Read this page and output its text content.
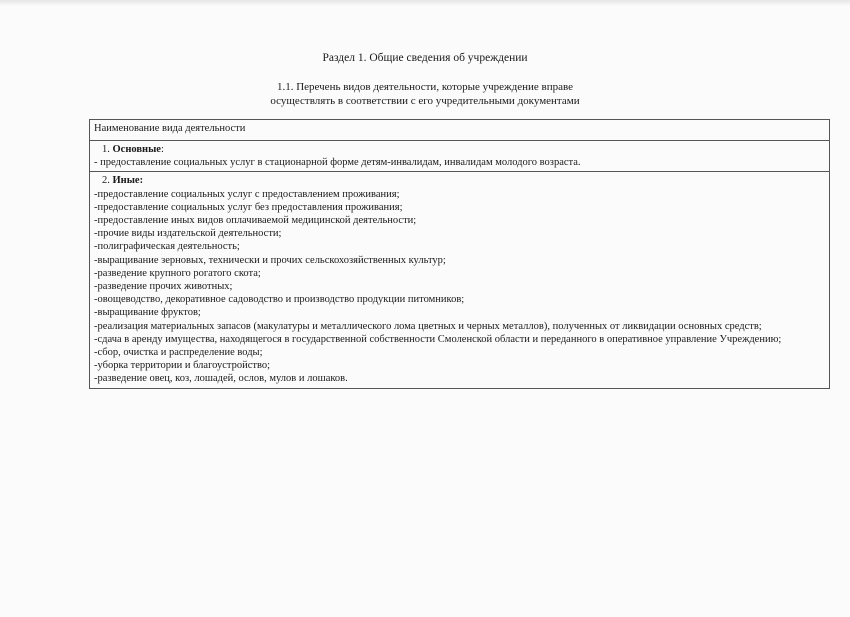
Раздел 1. Общие сведения об учреждении
1.1. Перечень видов деятельности, которые учреждение вправе
осуществлять в соответствии с его учредительными документами
Наименование вида деятельности

1. Основные:
- предоставление социальных услуг в стационарной форме детям-инвалидам, инвалидам молодого возраста.

2. Иные:
-предоставление социальных услуг с предоставлением проживания;
-предоставление социальных услуг без предоставления проживания;
-предоставление иных видов оплачиваемой медицинской деятельности;
-прочие виды издательской деятельности;
-полиграфическая деятельность;
-выращивание зерновых, технически и прочих сельскохозяйственных культур;
-разведение крупного рогатого скота;
-разведение прочих животных;
-овощеводство, декоративное садоводство и производство продукции питомников;
-выращивание фруктов;
-реализация материальных запасов (макулатуры и металлического лома цветных и черных металлов), полученных от ликвидации основных средств;
-сдача в аренду имущества, находящегося в государственной собственности Смоленской области и переданного в оперативное управление Учреждению;
-сбор, очистка и распределение воды;
-уборка территории и благоустройство;
-разведение овец, коз, лошадей, ослов, мулов и лошаков.
